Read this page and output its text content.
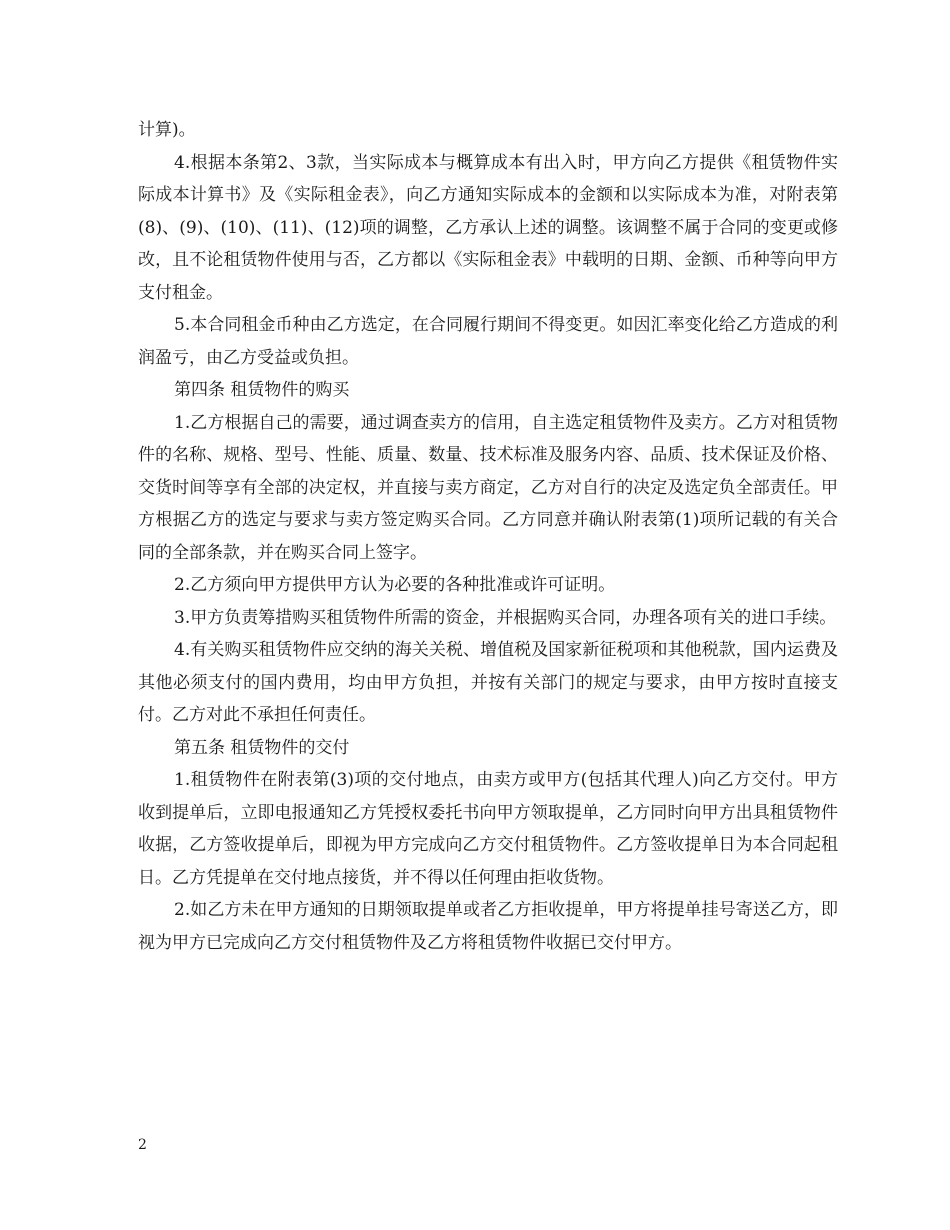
计算)。

4.根据本条第2、3款，当实际成本与概算成本有出入时，甲方向乙方提供《租赁物件实际成本计算书》及《实际租金表》，向乙方通知实际成本的金额和以实际成本为准，对附表第(8)、(9)、(10)、(11)、(12)项的调整，乙方承认上述的调整。该调整不属于合同的变更或修改，且不论租赁物件使用与否，乙方都以《实际租金表》中载明的日期、金额、币种等向甲方支付租金。

5.本合同租金币种由乙方选定，在合同履行期间不得变更。如因汇率变化给乙方造成的利润盈亏，由乙方受益或负担。

第四条 租赁物件的购买

1.乙方根据自己的需要，通过调查卖方的信用，自主选定租赁物件及卖方。乙方对租赁物件的名称、规格、型号、性能、质量、数量、技术标准及服务内容、品质、技术保证及价格、交货时间等享有全部的决定权，并直接与卖方商定，乙方对自行的决定及选定负全部责任。甲方根据乙方的选定与要求与卖方签定购买合同。乙方同意并确认附表第(1)项所记载的有关合同的全部条款，并在购买合同上签字。

2.乙方须向甲方提供甲方认为必要的各种批准或许可证明。

3.甲方负责筹措购买租赁物件所需的资金，并根据购买合同，办理各项有关的进口手续。

4.有关购买租赁物件应交纳的海关关税、增值税及国家新征税项和其他税款，国内运费及其他必须支付的国内费用，均由甲方负担，并按有关部门的规定与要求，由甲方按时直接支付。乙方对此不承担任何责任。

第五条 租赁物件的交付

1.租赁物件在附表第(3)项的交付地点，由卖方或甲方(包括其代理人)向乙方交付。甲方收到提单后，立即电报通知乙方凭授权委托书向甲方领取提单，乙方同时向甲方出具租赁物件收据，乙方签收提单后，即视为甲方完成向乙方交付租赁物件。乙方签收提单日为本合同起租日。乙方凭提单在交付地点接货，并不得以任何理由拒收货物。

2.如乙方未在甲方通知的日期领取提单或者乙方拒收提单，甲方将提单挂号寄送乙方，即视为甲方已完成向乙方交付租赁物件及乙方将租赁物件收据已交付甲方。

2
